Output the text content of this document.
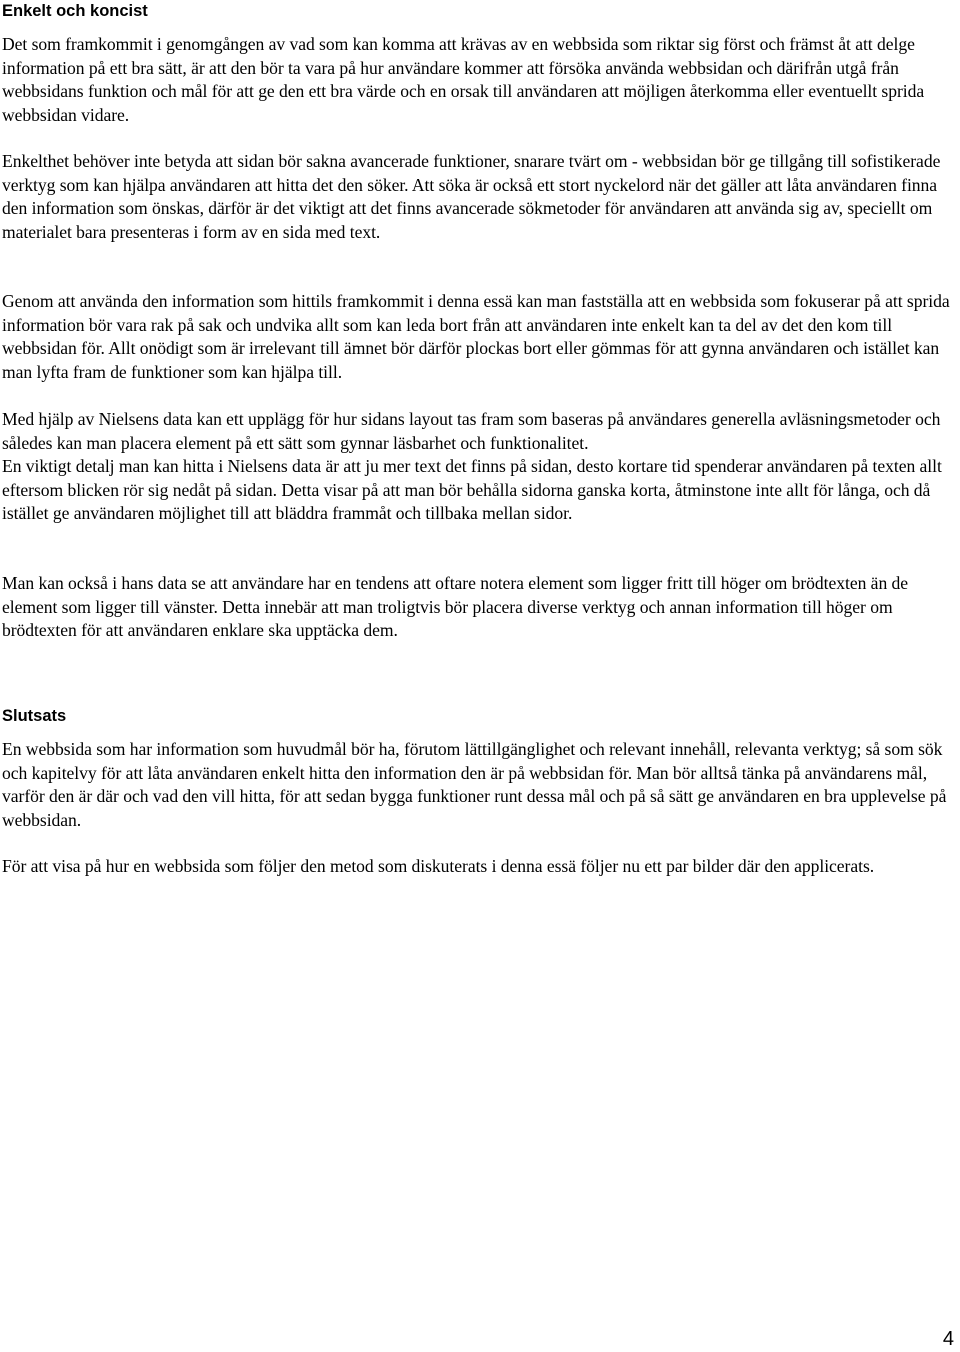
Enkelt och koncist

Det som framkommit i genomgången av vad som kan komma att krävas av en webbsida som riktar sig först och främst åt att delge information på ett bra sätt, är att den bör ta vara på hur användare kommer att försöka använda webbsidan och därifrån utgå från webbsidans funktion och mål för att ge den ett bra värde och en orsak till användaren att möjligen återkomma eller eventuellt sprida webbsidan vidare.

Enkelthet behöver inte betyda att sidan bör sakna avancerade funktioner, snarare tvärt om - webbsidan bör ge tillgång till sofistikerade verktyg som kan hjälpa användaren att hitta det den söker. Att söka är också ett stort nyckelord när det gäller att låta användaren finna den information som önskas, därför är det viktigt att det finns avancerade sökmetoder för användaren att använda sig av, speciellt om materialet bara presenteras i form av en sida med text.

Genom att använda den information som hittils framkommit i denna essä kan man fastställa att en webbsida som fokuserar på att sprida information bör vara rak på sak och undvika allt som kan leda bort från att användaren inte enkelt kan ta del av det den kom till webbsidan för. Allt onödigt som är irrelevant till ämnet bör därför plockas bort eller gömmas för att gynna användaren och istället kan man lyfta fram de funktioner som kan hjälpa till.

Med hjälp av Nielsens data kan ett upplägg för hur sidans layout tas fram som baseras på användares generella avläsningsmetoder och således kan man placera element på ett sätt som gynnar läsbarhet och funktionalitet.

En viktigt detalj man kan hitta i Nielsens data är att ju mer text det finns på sidan, desto kortare tid spenderar användaren på texten allt eftersom blicken rör sig nedåt på sidan. Detta visar på att man bör behålla sidorna ganska korta, åtminstone inte allt för långa, och då istället ge användaren möjlighet till att bläddra frammåt och tillbaka mellan sidor.

Man kan också i hans data se att användare har en tendens att oftare notera element som ligger fritt till höger om brödtexten än de element som ligger till vänster. Detta innebär att man troligtvis bör placera diverse verktyg och annan information till höger om brödtexten för att användaren enklare ska upptäcka dem.

Slutsats

En webbsida som har information som huvudmål bör ha, förutom lättillgänglighet och relevant innehåll, relevanta verktyg; så som sök och kapitelvy för att låta användaren enkelt hitta den information den är på webbsidan för. Man bör alltså tänka på användarens mål, varför den är där och vad den vill hitta, för att sedan bygga funktioner runt dessa mål och på så sätt ge användaren en bra upplevelse på webbsidan.

För att visa på hur en webbsida som följer den metod som diskuterats i denna essä följer nu ett par bilder där den applicerats.

4
